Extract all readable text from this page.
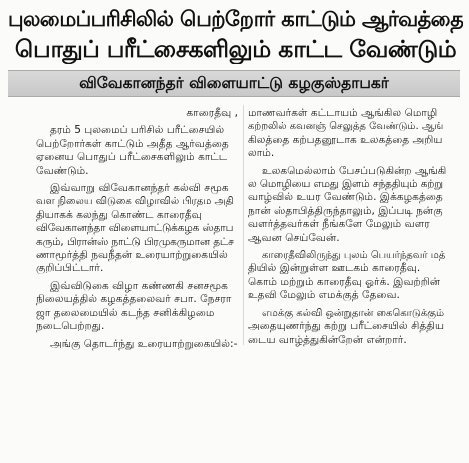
புலமைப்பரிசிலில் பெற்றோர் காட்டும் ஆர்வத்தை
பொதுப் பரீட்சைகளிலும் காட்ட வேண்டும்
விவேகானந்தர் விளையாட்டு கழகுஸ்தாபகர்
காரைதீவு ,
தரம் 5 புலமைப் பரிசில் பரீட்சையில்
பெற்றோர்கள் காட்டும் அதீத ஆர்வத்தை
ஏனைய பொதுப் பரீட்சைகளிலும் காட்ட
வேண்டும்.
இவ்வாறு விவேகானந்தர் கல்வி சமூக
வள நிலைய விடுகை விழாவில் பிரதம அதி
தியாகக் கலந்து கொண்ட காரைதீவு
விவேகானந்தா விளையாட்டுக்கழக ஸ்தாப
கரும், பிரான்ஸ் நாட்டு பிரமுகருமான தட்ச
ணாமூர்த்தி நவநீதன் உரையாற்றுகையில்
குறிப்பிட்டார்.
இவ்விடுகை விழா கண்ணகி சனசமூக
நிலையத்தில் கழகத்தலைவர் சபா. நேசரா
ஜா தலைமையில் கடந்த சனிக்கிழமை
நடைபெற்றது.
அங்கு தொடர்ந்து உரையாற்றுகையில்:-
மாணவர்கள் கட்டாயம் ஆங்கில மொழி
கற்றலில் கவனஞ் செலுத்த வேண்டும். ஆங்
கிலத்தை கற்பதனூடாக உலகத்தை அறிய
லாம்.
உலகமெல்லாம் பேசப்படுகின்ற ஆங்கி
ல மொழியை எமது இளம் சந்ததியும் கற்று
வாழ்வில் உயர வேண்டும். இக்கழகத்தை
நான் ஸ்தாபித்திருந்தாலும், இப்படி நன்கு
வளர்த்தவர்கள் நீங்களே மேலும் வளர
ஆவன செய்வேன்.
காரைதீவிலிருந்து புலம் பெயர்ந்தவர் மத்
தியில் இன்றுள்ள ஊடகம் காரைதீவு.
கொம் மற்றும் காரைதீவு ஓர்க். இவற்றின்
உதவி மேலும் எமக்குத் தேவை.
எமக்கு கல்வி ஒன்றுதான் கைகொடுக்கும்
அதையுணர்ந்து கற்று பரீட்சையில் சித்திய
டைய வாழ்த்துகின்றேன் என்றார்.
